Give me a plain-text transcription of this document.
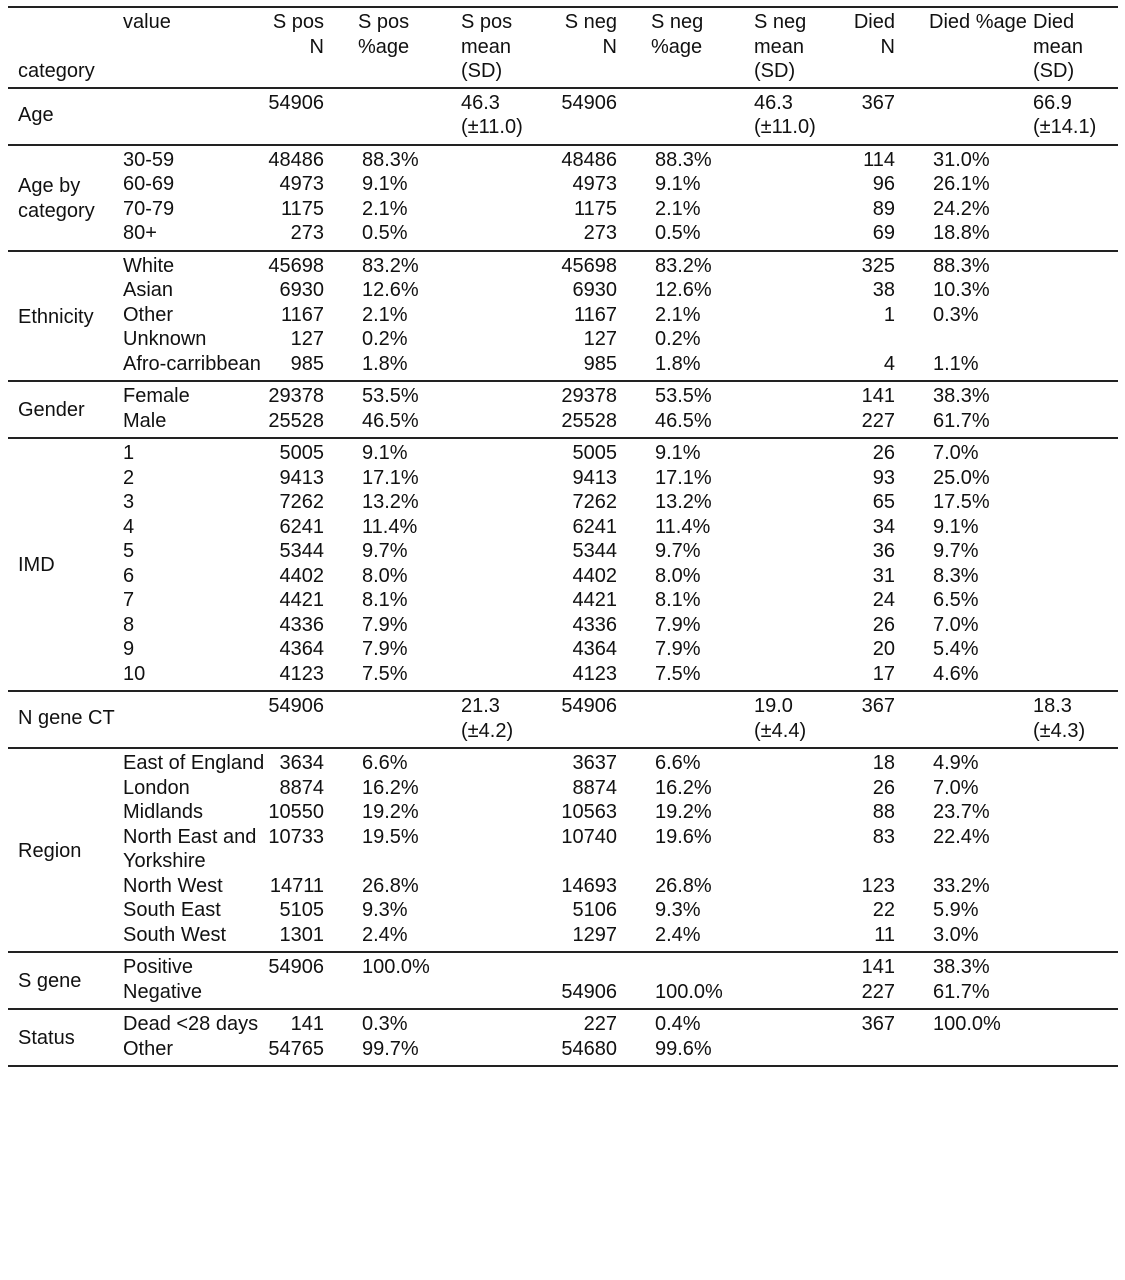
category	value	S pos N	S pos %age	S pos mean (SD)	S neg N	S neg %age	S neg mean (SD)	Died N	Died %age	Died mean (SD)
Age		54906		46.3 (±11.0)	54906		46.3 (±11.0)	367		66.9 (±14.1)
Age by category	30-59	48486	88.3%		48486	88.3%		114	31.0%	
	60-69	4973	9.1%		4973	9.1%		96	26.1%	
	70-79	1175	2.1%		1175	2.1%		89	24.2%	
	80+	273	0.5%		273	0.5%		69	18.8%	
Ethnicity	White	45698	83.2%		45698	83.2%		325	88.3%	
	Asian	6930	12.6%		6930	12.6%		38	10.3%	
	Other	1167	2.1%		1167	2.1%		1	0.3%	
	Unknown	127	0.2%		127	0.2%				
	Afro-carribbean	985	1.8%		985	1.8%		4	1.1%	
Gender	Female	29378	53.5%		29378	53.5%		141	38.3%	
	Male	25528	46.5%		25528	46.5%		227	61.7%	
IMD	1	5005	9.1%		5005	9.1%		26	7.0%	
	2	9413	17.1%		9413	17.1%		93	25.0%	
	3	7262	13.2%		7262	13.2%		65	17.5%	
	4	6241	11.4%		6241	11.4%		34	9.1%	
	5	5344	9.7%		5344	9.7%		36	9.7%	
	6	4402	8.0%		4402	8.0%		31	8.3%	
	7	4421	8.1%		4421	8.1%		24	6.5%	
	8	4336	7.9%		4336	7.9%		26	7.0%	
	9	4364	7.9%		4364	7.9%		20	5.4%	
	10	4123	7.5%		4123	7.5%		17	4.6%	
N gene CT		54906		21.3 (±4.2)	54906		19.0 (±4.4)	367		18.3 (±4.3)
Region	East of England	3634	6.6%		3637	6.6%		18	4.9%	
	London	8874	16.2%		8874	16.2%		26	7.0%	
	Midlands	10550	19.2%		10563	19.2%		88	23.7%	
	North East and Yorkshire	10733	19.5%		10740	19.6%		83	22.4%	
	North West	14711	26.8%		14693	26.8%		123	33.2%	
	South East	5105	9.3%		5106	9.3%		22	5.9%	
	South West	1301	2.4%		1297	2.4%		11	3.0%	
S gene	Positive	54906	100.0%					141	38.3%	
	Negative				54906	100.0%		227	61.7%	
Status	Dead <28 days	141	0.3%		227	0.4%		367	100.0%	
	Other	54765	99.7%		54680	99.6%				
